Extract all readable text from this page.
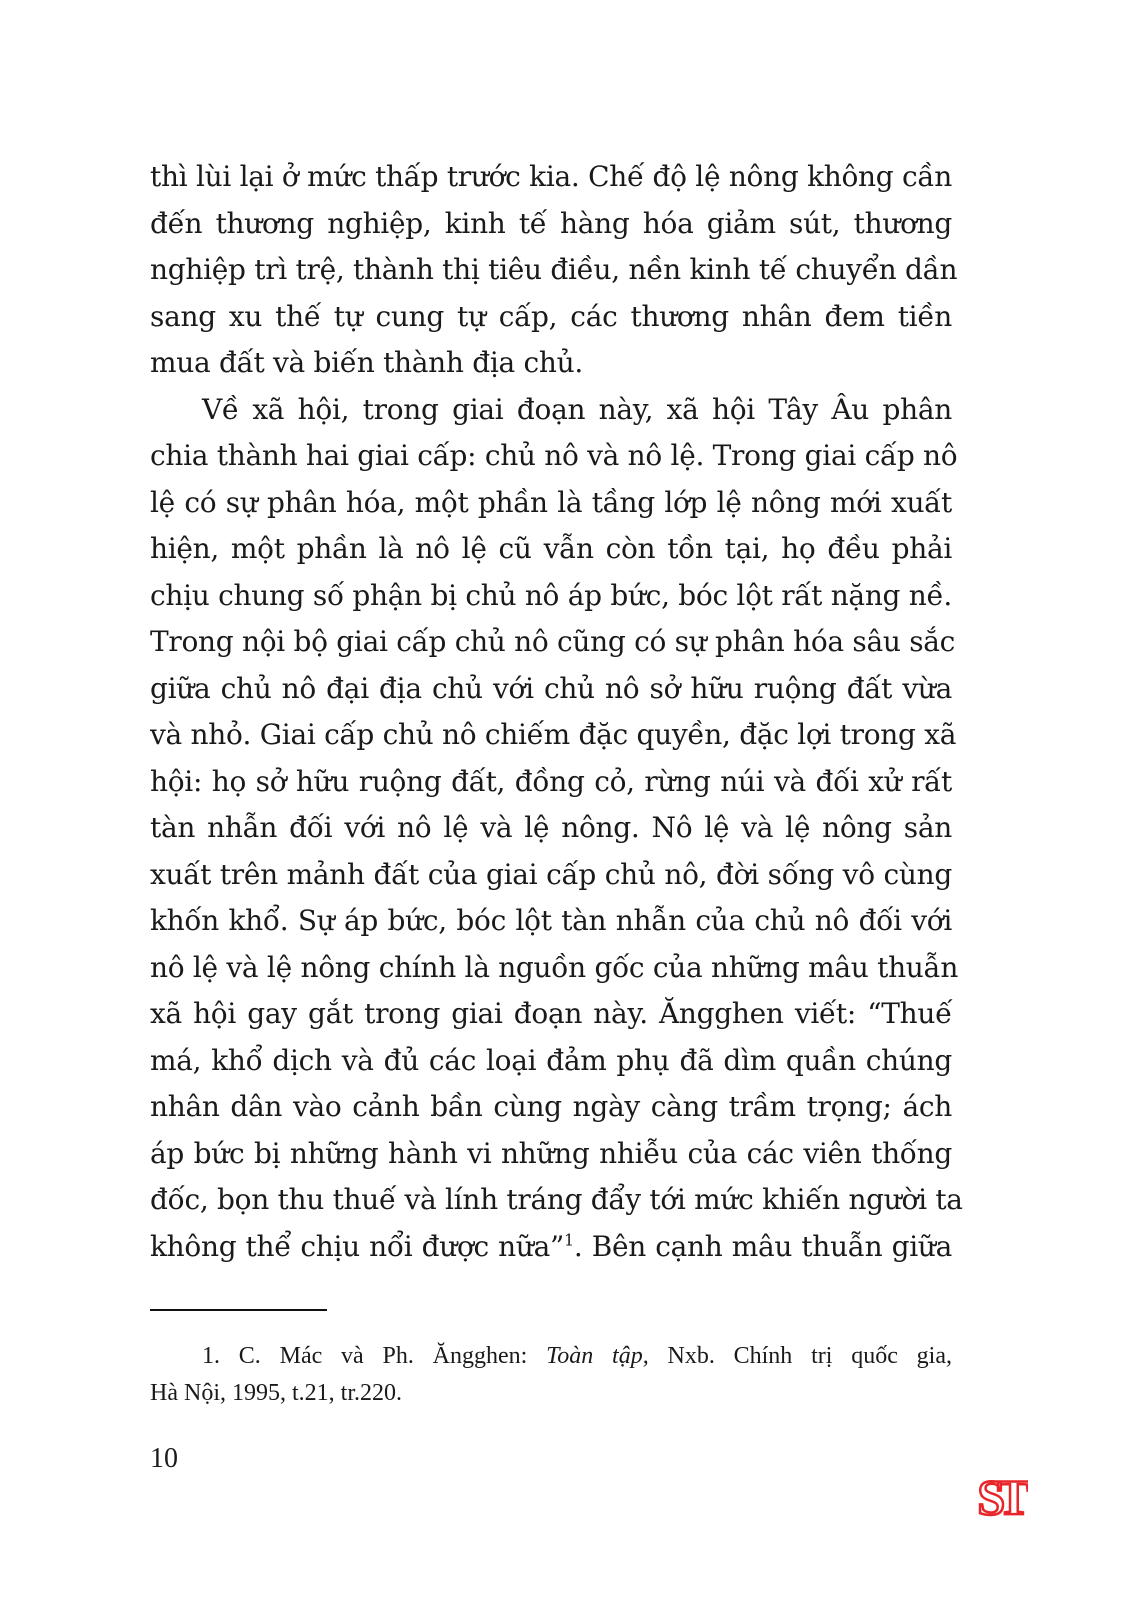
thì lùi lại ở mức thấp trước kia. Chế độ lệ nông không cần
đến thương nghiệp, kinh tế hàng hóa giảm sút, thương
nghiệp trì trệ, thành thị tiêu điều, nền kinh tế chuyển dần
sang xu thế tự cung tự cấp, các thương nhân đem tiền
mua đất và biến thành địa chủ.
Về xã hội, trong giai đoạn này, xã hội Tây Âu phân
chia thành hai giai cấp: chủ nô và nô lệ. Trong giai cấp nô
lệ có sự phân hóa, một phần là tầng lớp lệ nông mới xuất
hiện, một phần là nô lệ cũ vẫn còn tồn tại, họ đều phải
chịu chung số phận bị chủ nô áp bức, bóc lột rất nặng nề.
Trong nội bộ giai cấp chủ nô cũng có sự phân hóa sâu sắc
giữa chủ nô đại địa chủ với chủ nô sở hữu ruộng đất vừa
và nhỏ. Giai cấp chủ nô chiếm đặc quyền, đặc lợi trong xã
hội: họ sở hữu ruộng đất, đồng cỏ, rừng núi và đối xử rất
tàn nhẫn đối với nô lệ và lệ nông. Nô lệ và lệ nông sản
xuất trên mảnh đất của giai cấp chủ nô, đời sống vô cùng
khốn khổ. Sự áp bức, bóc lột tàn nhẫn của chủ nô đối với
nô lệ và lệ nông chính là nguồn gốc của những mâu thuẫn
xã hội gay gắt trong giai đoạn này. Ăngghen viết: “Thuế
má, khổ dịch và đủ các loại đảm phụ đã dìm quần chúng
nhân dân vào cảnh bần cùng ngày càng trầm trọng; ách
áp bức bị những hành vi những nhiễu của các viên thống
đốc, bọn thu thuế và lính tráng đẩy tới mức khiến người ta
không thể chịu nổi được nữa”$^1$. Bên cạnh mâu thuẫn giữa
1. C. Mác và Ph. Ăngghen: Toàn tập, Nxb. Chính trị quốc gia,
Hà Nội, 1995, t.21, tr.220.
10
ST
